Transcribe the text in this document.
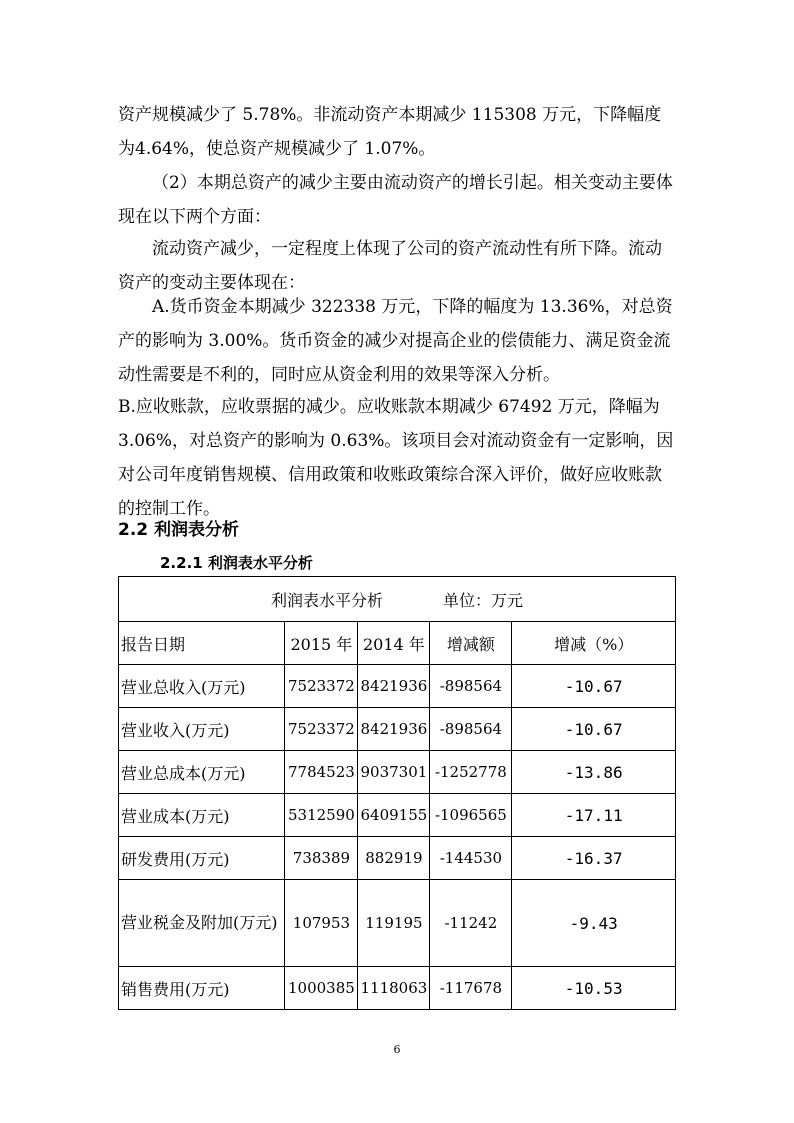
资产规模减少了 5.78%。非流动资产本期减少 115308 万元，下降幅度为4.64%，使总资产规模减少了 1.07%。

（2）本期总资产的减少主要由流动资产的增长引起。相关变动主要体现在以下两个方面：

流动资产减少，一定程度上体现了公司的资产流动性有所下降。流动资产的变动主要体现在：

A.货币资金本期减少 322338 万元，下降的幅度为 13.36%，对总资产的影响为 3.00%。货币资金的减少对提高企业的偿债能力、满足资金流动性需要是不利的，同时应从资金利用的效果等深入分析。

B.应收账款，应收票据的减少。应收账款本期减少 67492 万元，降幅为 3.06%，对总资产的影响为 0.63%。该项目会对流动资金有一定影响，因对公司年度销售规模、信用政策和收账政策综合深入评价，做好应收账款的控制工作。

2.2 利润表分析
2.2.1 利润表水平分析
利润表水平分析 单位：万元				
报告日期	2015 年	2014 年	增减额	增减（%）
营业总收入(万元)	7523372	8421936	-898564	-10.67
营业收入(万元)	7523372	8421936	-898564	-10.67
营业总成本(万元)	7784523	9037301	-1252778	-13.86
营业成本(万元)	5312590	6409155	-1096565	-17.11
研发费用(万元)	738389	882919	-144530	-16.37
营业税金及附加(万元)	107953	119195	-11242	-9.43
销售费用(万元)	1000385	1118063	-117678	-10.53
6
